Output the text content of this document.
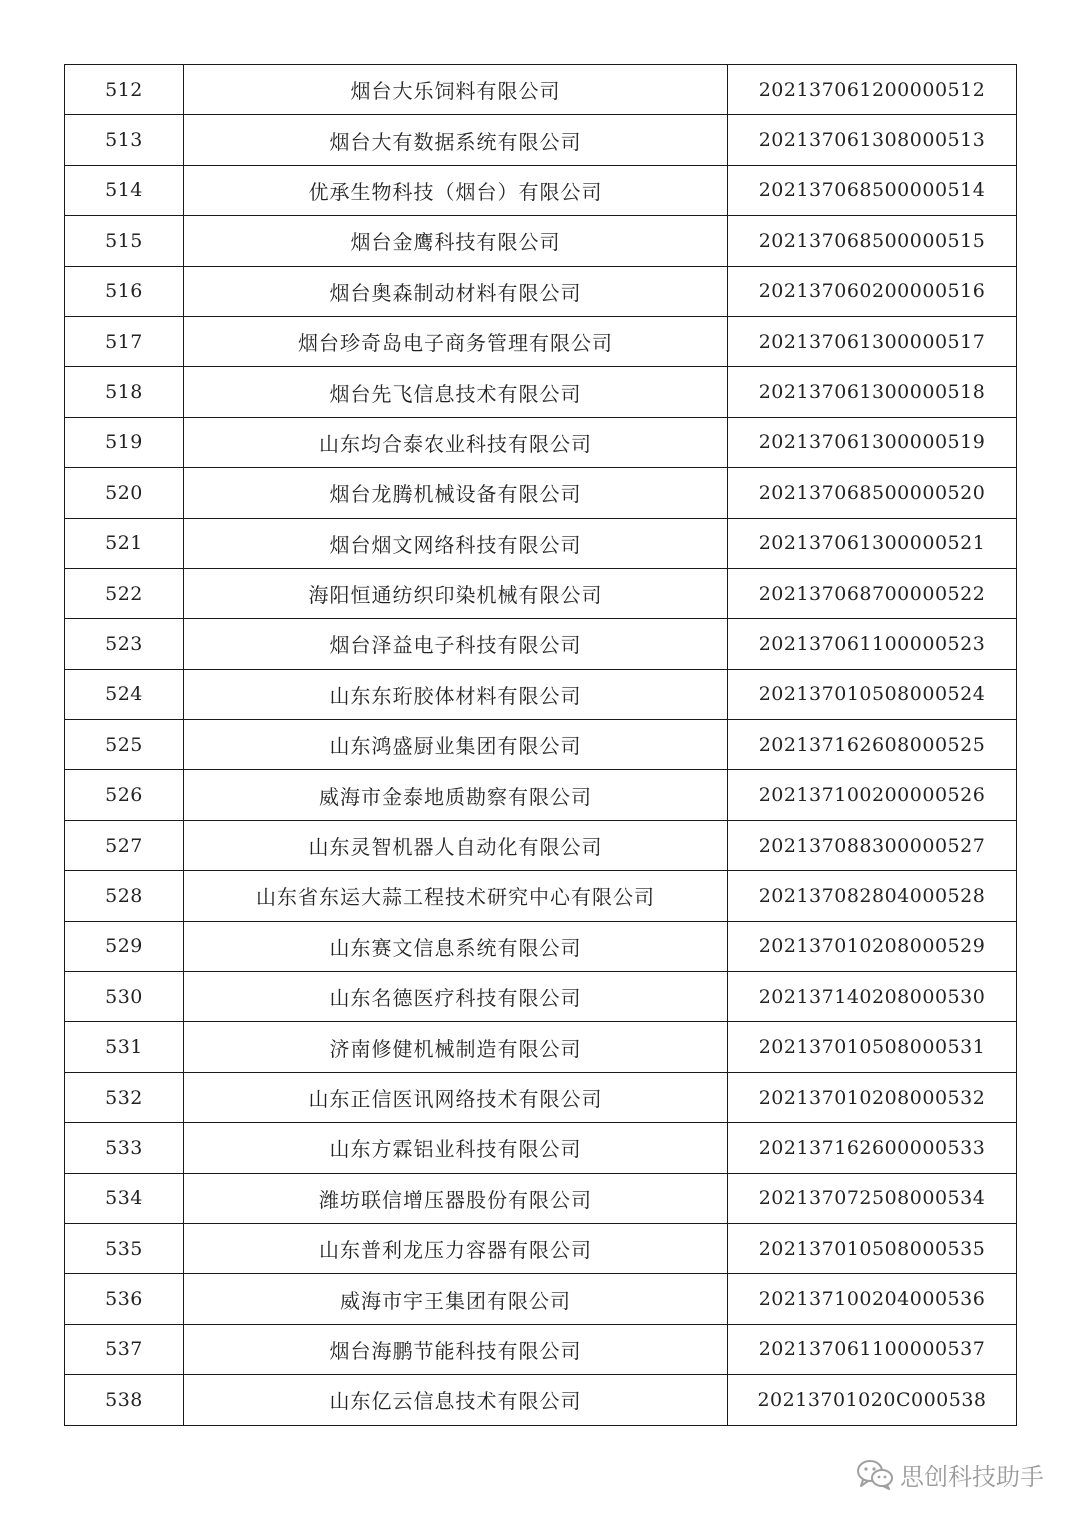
512	烟台大乐饲料有限公司	202137061200000512
513	烟台大有数据系统有限公司	202137061308000513
514	优承生物科技（烟台）有限公司	202137068500000514
515	烟台金鹰科技有限公司	202137068500000515
516	烟台奥森制动材料有限公司	202137060200000516
517	烟台珍奇岛电子商务管理有限公司	202137061300000517
518	烟台先飞信息技术有限公司	202137061300000518
519	山东均合泰农业科技有限公司	202137061300000519
520	烟台龙腾机械设备有限公司	202137068500000520
521	烟台烟文网络科技有限公司	202137061300000521
522	海阳恒通纺织印染机械有限公司	202137068700000522
523	烟台泽益电子科技有限公司	202137061100000523
524	山东东珩胶体材料有限公司	202137010508000524
525	山东鸿盛厨业集团有限公司	202137162608000525
526	威海市金泰地质勘察有限公司	202137100200000526
527	山东灵智机器人自动化有限公司	202137088300000527
528	山东省东运大蒜工程技术研究中心有限公司	202137082804000528
529	山东赛文信息系统有限公司	202137010208000529
530	山东名德医疗科技有限公司	202137140208000530
531	济南修健机械制造有限公司	202137010508000531
532	山东正信医讯网络技术有限公司	202137010208000532
533	山东方霖铝业科技有限公司	202137162600000533
534	潍坊联信增压器股份有限公司	202137072508000534
535	山东普利龙压力容器有限公司	202137010508000535
536	威海市宇王集团有限公司	202137100204000536
537	烟台海鹏节能科技有限公司	202137061100000537
538	山东亿云信息技术有限公司	20213701020C000538
思创科技助手
